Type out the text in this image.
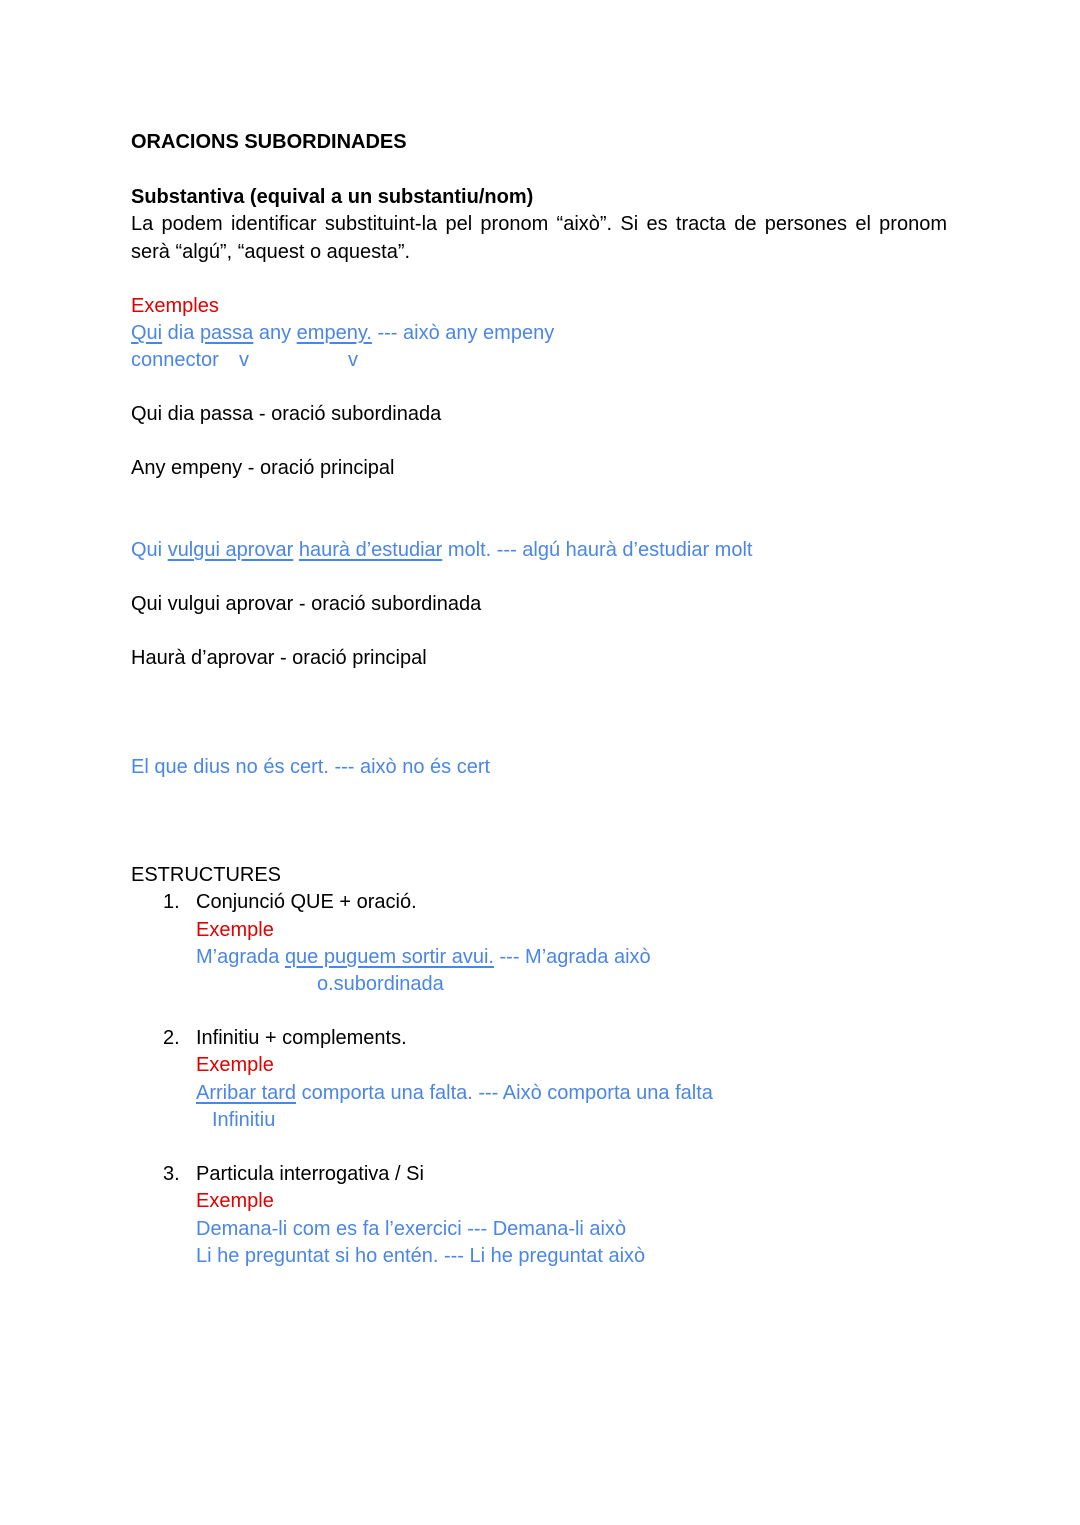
ORACIONS SUBORDINADES
Substantiva (equival a un substantiu/nom)
La podem identificar substituint-la pel pronom “això”. Si es tracta de persones el pronom serà “algú”, “aquest o aquesta”.
Exemples
Qui dia passa any empeny. --- això any empeny
connector v	v
Qui dia passa - oració subordinada
Any empeny - oració principal
Qui vulgui aprovar haurà d’estudiar molt. --- algú haurà d’estudiar molt
Qui vulgui aprovar - oració subordinada
Haurà d’aprovar - oració principal
El que dius no és cert. --- això no és cert
ESTRUCTURES
1. Conjunció QUE + oració.
Exemple
M’agrada que puguem sortir avui. --- M’agrada això
o.subordinada
2. Infinitiu + complements.
Exemple
Arribar tard comporta una falta. --- Això comporta una falta
Infinitiu
3. Particula interrogativa / Si
Exemple
Demana-li com es fa l’exercici --- Demana-li això
Li he preguntat si ho entén. --- Li he preguntat això
